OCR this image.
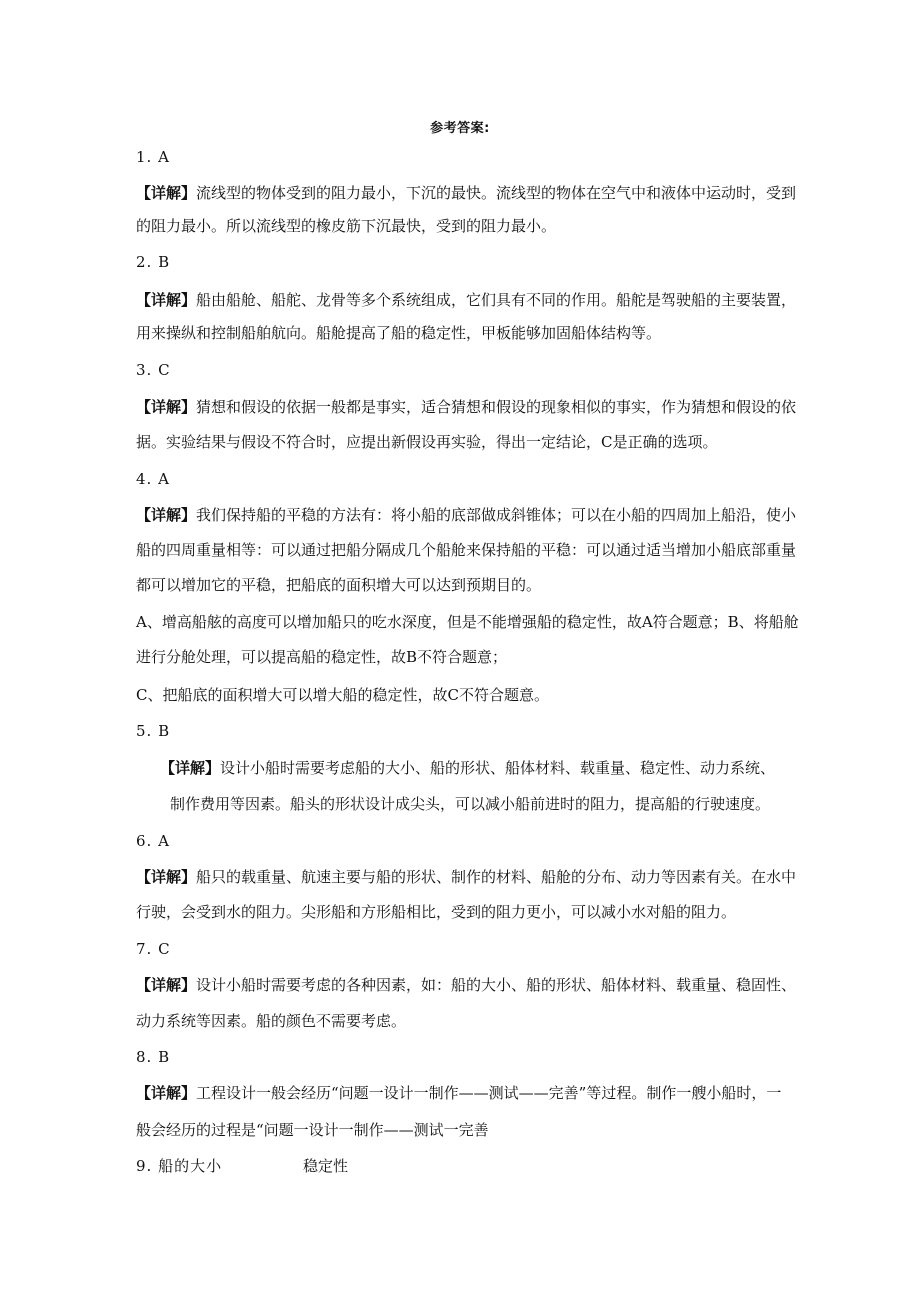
参考答案:
1. A
【详解】流线型的物体受到的阻力最小，下沉的最快。流线型的物体在空气中和液体中运动时，受到
的阻力最小。所以流线型的橡皮筋下沉最快，受到的阻力最小。
2. B
【详解】船由船舱、船舵、龙骨等多个系统组成，它们具有不同的作用。船舵是驾驶船的主要装置，
用来操纵和控制船舶航向。船舱提高了船的稳定性，甲板能够加固船体结构等。
3. C
【详解】猜想和假设的依据一般都是事实，适合猜想和假设的现象相似的事实，作为猜想和假设的依
据。实验结果与假设不符合时，应提出新假设再实验，得出一定结论，C是正确的选项。
4. A
【详解】我们保持船的平稳的方法有：将小船的底部做成斜锥体；可以在小船的四周加上船沿，使小
船的四周重量相等：可以通过把船分隔成几个船舱来保持船的平稳：可以通过适当增加小船底部重量
都可以增加它的平稳，把船底的面积增大可以达到预期目的。
A、增高船舷的高度可以增加船只的吃水深度，但是不能增强船的稳定性，故A符合题意；B、将船舱
进行分舱处理，可以提高船的稳定性，故B不符合题意；
C、把船底的面积增大可以增大船的稳定性，故C不符合题意。
5. B
【详解】设计小船时需要考虑船的大小、船的形状、船体材料、载重量、稳定性、动力系统、
制作费用等因素。船头的形状设计成尖头，可以减小船前进时的阻力，提高船的行驶速度。
6. A
【详解】船只的载重量、航速主要与船的形状、制作的材料、船舱的分布、动力等因素有关。在水中
行驶，会受到水的阻力。尖形船和方形船相比，受到的阻力更小，可以减小水对船的阻力。
7. C
【详解】设计小船时需要考虑的各种因素，如：船的大小、船的形状、船体材料、载重量、稳固性、
动力系统等因素。船的颜色不需要考虑。
8. B
【详解】工程设计一般会经历“问题一设计一制作——测试——完善”等过程。制作一艘小船时，一
般会经历的过程是“问题一设计一制作——测试一完善
9. 船的大小	稳定性
